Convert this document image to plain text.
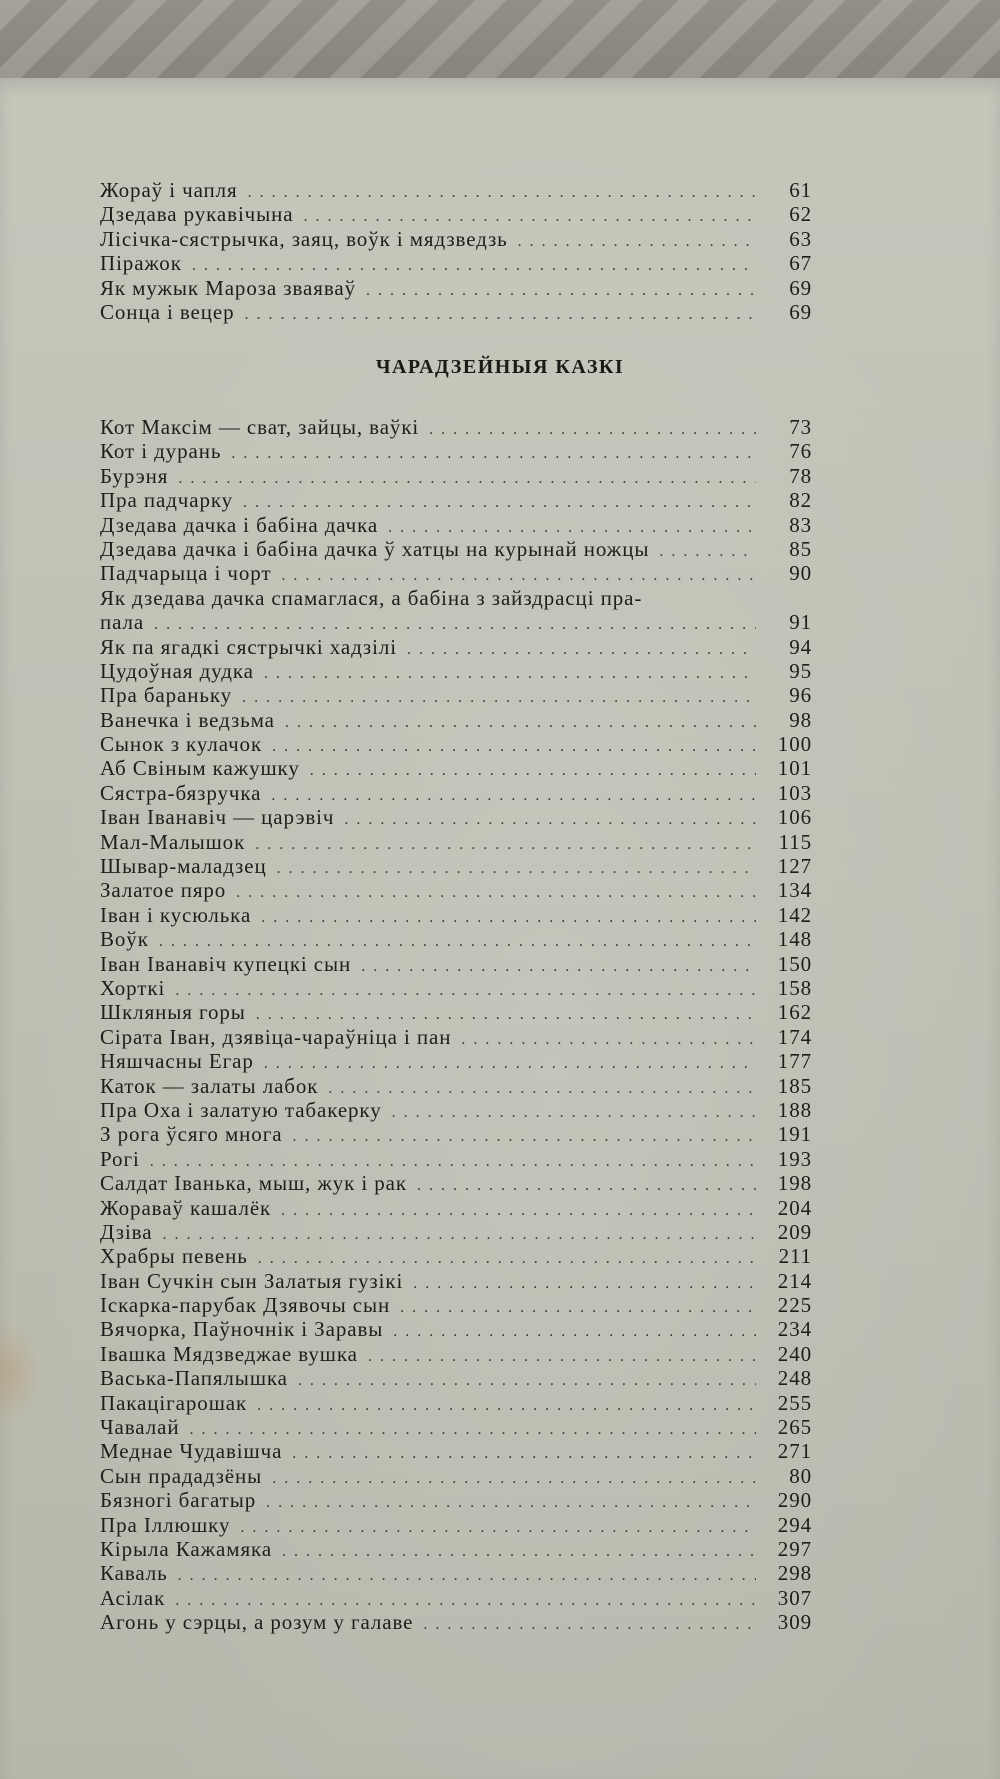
Жораў і чапля . . .	61
Дзедава рукавічына . . .	62
Лісічка-сястрычка, заяц, воўк і мядзведзь . . .	63
Піражок . . .	67
Як мужык Мароза зваяваў . . .	69
Сонца і вецер . . .	69
ЧАРАДЗЕЙНЫЯ КАЗКІ
Кот Максім — сват, зайцы, ваўкі . . .	73
Кот і дурань . . .	76
Бурэня . . .	78
Пра падчарку . . .	82
Дзедава дачка і бабіна дачка . . .	83
Дзедава дачка і бабіна дачка ў хатцы на курынай ножцы . . .	85
Падчарыца і чорт . . .	90
Як дзедава дачка спамаглася, а бабіна з зайздрасці пра-
пала . . .	91
Як па ягадкі сястрычкі хадзілі . . .	94
Цудоўная дудка . . .	95
Пра бараньку . . .	96
Ванечка і ведзьма . . .	98
Сынок з кулачок . . .	100
Аб Свіным кажушку . . .	101
Сястра-бязручка . . .	103
Іван Іванавіч — царэвіч . . .	106
Мал-Малышок . . .	115
Шывар-маладзец . . .	127
Залатое пяро . . .	134
Іван і кусюлька . . .	142
Воўк . . .	148
Іван Іванавіч купецкі сын . . .	150
Хорткі . . .	158
Шкляныя горы . . .	162
Сірата Іван, дзявіца-чараўніца і пан . . .	174
Няшчасны Егар . . .	177
Каток — залаты лабок . . .	185
Пра Оха і залатую табакерку . . .	188
З рога ўсяго многа . . .	191
Рогі . . .	193
Салдат Іванька, мыш, жук і рак . . .	198
Жораваў кашалёк . . .	204
Дзіва . . .	209
Храбры певень . . .	211
Іван Сучкін сын Залатыя гузікі . . .	214
Іскарка-парубак Дзявочы сын . . .	225
Вячорка, Паўночнік і Заравы . . .	234
Івашка Мядзведжае вушка . . .	240
Васька-Папялышка . . .	248
Пакацігарошак . . .	255
Чавалай . . .	265
Меднае Чудавішча . . .	271
Сын прададзёны . . .	80
Бязногі багатыр . . .	290
Пра Іллюшку . . .	294
Кірыла Кажамяка . . .	297
Каваль . . .	298
Асілак . . .	307
Агонь у сэрцы, а розум у галаве . . .	309
